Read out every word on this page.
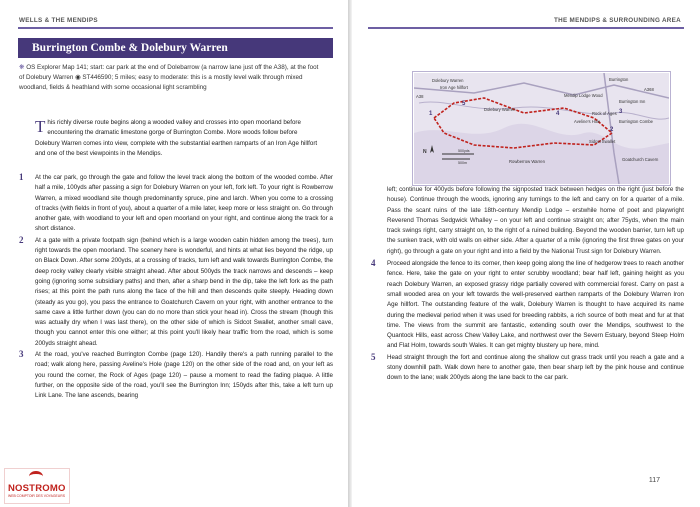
WELLS & THE MENDIPS
Burrington Combe & Dolebury Warren
❋ OS Explorer Map 141; start: car park at the end of Dolebarrow (a narrow lane just off the A38), at the foot of Dolebury Warren ◉ ST446590; 5 miles; easy to moderate: this is a mostly level walk through mixed woodland, fields & heathland with some occasional light scrambling
This richly diverse route begins along a wooded valley and crosses into open moorland before encountering the dramatic limestone gorge of Burrington Combe. More woods follow before Dolebury Warren comes into view, complete with the substantial earthen ramparts of an Iron Age hillfort and one of the best viewpoints in the Mendips.
1 At the car park, go through the gate and follow the level track along the bottom of the wooded combe. After half a mile, 100yds after passing a sign for Dolebury Warren on your left, fork left. To your right is Rowberrow Warren, a mixed woodland site though predominantly spruce, pine and larch. When you come to a crossing of tracks (with fields in front of you), about a quarter of a mile later, keep more or less straight on. Go through another gate, with woodland to your left and open moorland on your right, and continue along the track for a short distance.
2 At a gate with a private footpath sign (behind which is a large wooden cabin hidden among the trees), turn right towards the open moorland. The scenery here is wonderful, and hints at what lies beyond the ridge, up on Black Down. After some 200yds, at a crossing of tracks, turn left and walk towards Burrington Combe, the deep rocky valley clearly visible straight ahead. After about 500yds the track narrows and descends – keep going (ignoring some subsidiary paths) and then, after a sharp bend in the dip, take the left fork as the path rises; at this point the path runs along the face of the hill and then descends quite steeply. Heading down (steady as you go), you pass the entrance to Goatchurch Cavern on your right, with another entrance to the same cave a little further down (you can do no more than stick your head in). Cross the stream (though this was actually dry when I was last there), on the other side of which is Sidcot Swallet, another small cave, though you cannot enter this one either; at this point you'll likely hear traffic from the road, which is some 200yds straight ahead.
3 At the road, you've reached Burrington Combe (page 120). Handily there's a path running parallel to the road; walk along here, passing Aveline's Hole (page 120) on the other side of the road and, on your left as you round the corner, the Rock of Ages (page 120) – pause a moment to read the fading plaque. A little further, on the opposite side of the road, you'll see the Burrington Inn; 150yds after this, take a left turn up Link Lane. The lane ascends, bearing
NOSTROMO
WEB COMPTOIR DES VOYAGEURS
THE MENDIPS & SURROUNDING AREA
left; continue for 400yds before following the signposted track between hedges on the right (just before the house). Continue through the woods, ignoring any turnings to the left and carry on for a quarter of a mile. Pass the scant ruins of the late 18th-century Mendip Lodge – erstwhile home of poet and playwright Reverend Thomas Sedgwick Whalley – on your left and continue straight on; after 75yds, when the main track swings right, carry straight on, to the right of a ruined building. Beyond the wooden barrier, turn left up the sunken track, with old walls on either side. After a quarter of a mile (ignoring the first three gates on your right), go through a gate on your right and into a field by the National Trust sign for Dolebury Warren.
4 Proceed alongside the fence to its corner, then keep going along the line of hedgerow trees to reach another fence. Here, take the gate on your right to enter scrubby woodland; bear half left, gaining height as you reach Dolebury Warren, an exposed grassy ridge partially covered with commercial forest. Carry on past a small wooded area on your left towards the well-preserved earthen ramparts of the Dolebury Warren Iron Age hillfort. The outstanding feature of the walk, Dolebury Warren is thought to have acquired its name during the medieval period when it was used for breeding rabbits, a rich source of both meat and fur at that time. The views from the summit are fantastic, extending south over the Mendips, southwest to the Quantock Hills, east across Chew Valley Lake, and northwest over the Severn Estuary, beyond Steep Holm and Flat Holm, towards south Wales. It can get mighty blustery up here, mind.
5 Head straight through the fort and continue along the shallow cut grass track until you reach a gate and a stony downhill path. Walk down here to another gate, then bear sharp left by the pink house and continue down to the lane; walk 200yds along the lane back to the car park.
117
Dolebury Warren
Iron Age hillfort
Dolebury Warren
Mendip Lodge Wood
Burrington Inn
Rock of Ages
Aveline's Hole	Burrington Combe
Sidcot Swallet
Goatchurch Cavern
Rowberrow Warren
Burrington
A368
A38
1
2
3
4
5
500yds
500m
N
